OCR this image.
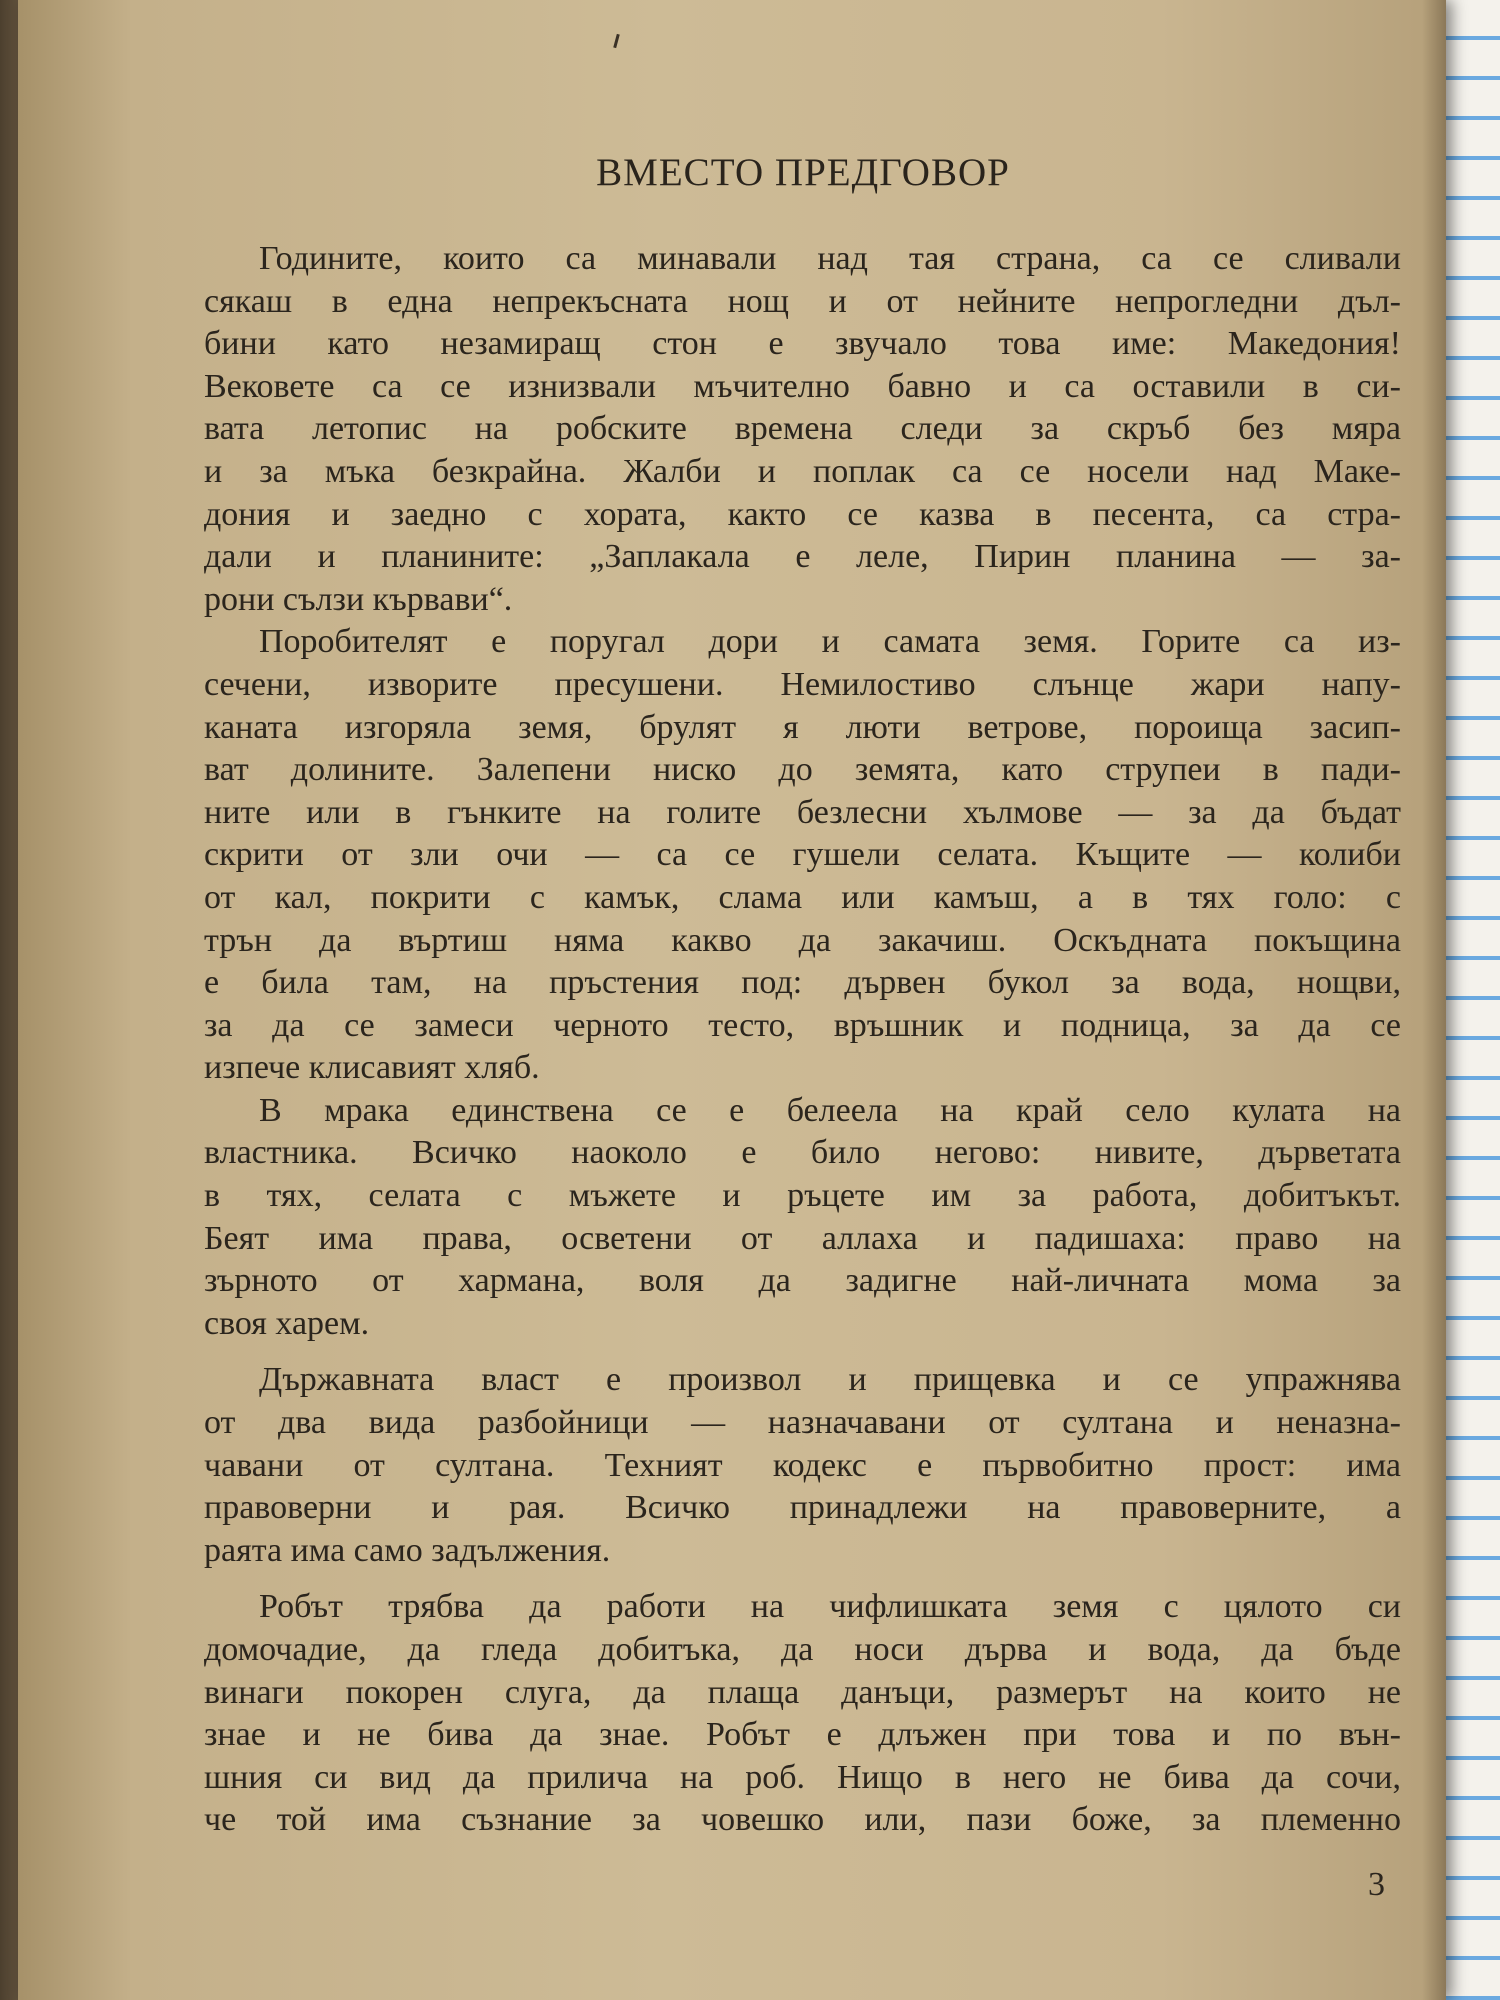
ВМЕСТО ПРЕДГОВОР

Годините, които са минавали над тая страна, са се сливали
сякаш в една непрекъсната нощ и от нейните непрогледни дъл-
бини като незамиращ стон е звучало това име: Македония!
Вековете са се изнизвали мъчително бавно и са оставили в си-
вата летопис на робските времена следи за скръб без мяра
и за мъка безкрайна. Жалби и поплак са се носели над Маке-
дония и заедно с хората, както се казва в песента, са стра-
дали и планините: „Заплакала е леле, Пирин планина — за-
рони сълзи кървави“.

Поробителят е поругал дори и самата земя. Горите са из-
сечени, изворите пресушени. Немилостиво слънце жари напу-
каната изгоряла земя, брулят я люти ветрове, пороища засип-
ват долините. Залепени ниско до земята, като струпеи в пади-
ните или в гънките на голите безлесни хълмове — за да бъдат
скрити от зли очи — са се гушели селата. Къщите — колиби
от кал, покрити с камък, слама или камъш, а в тях голо: с
трън да въртиш няма какво да закачиш. Оскъдната покъщина
е била там, на пръстения под: дървен букол за вода, нощви,
за да се замеси черното тесто, връшник и подница, за да се
изпече клисавият хляб.

В мрака единствена се е белеела на край село кулата на
властника. Всичко наоколо е било негово: нивите, дърветата
в тях, селата с мъжете и ръцете им за работа, добитъкът.
Беят има права, осветени от аллаха и падишаха: право на
зърното от хармана, воля да задигне най-личната мома за
своя харем.

Държавната власт е произвол и прищевка и се упражнява
от два вида разбойници — назначавани от султана и неназна-
чавани от султана. Техният кодекс е първобитно прост: има
правоверни и рая. Всичко принадлежи на правоверните, а
раята има само задължения.

Робът трябва да работи на чифлишката земя с цялото си
домочадие, да гледа добитъка, да носи дърва и вода, да бъде
винаги покорен слуга, да плаща данъци, размерът на които не
знае и не бива да знае. Робът е длъжен при това и по вън-
шния си вид да прилича на роб. Нищо в него не бива да сочи,
че той има съзнание за човешко или, пази боже, за племенно

3
